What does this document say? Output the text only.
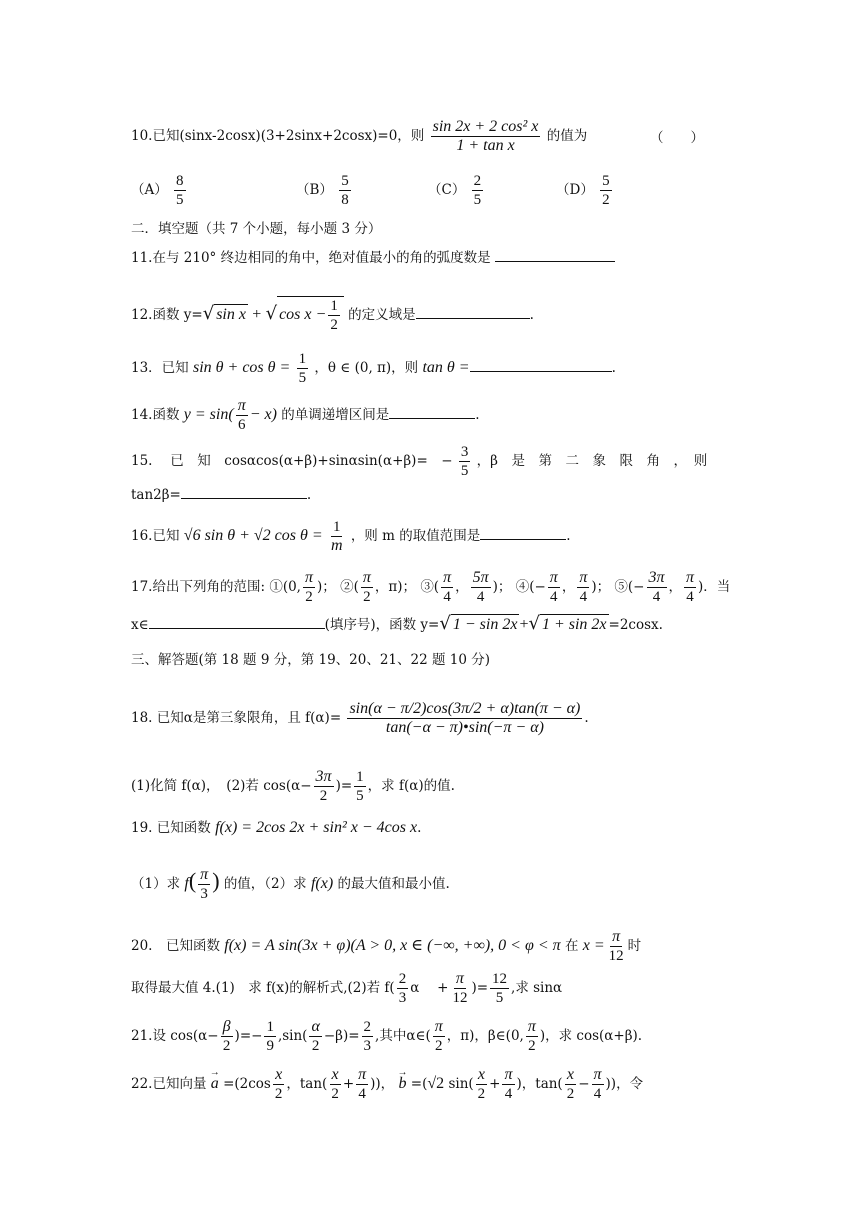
10.已知(sinx-2cosx)(3+2sinx+2cosx)=0，则 $\frac{\text{sin 2x + 2 cos² x}}{\text{1 + tan x}}$ 的值为	（　　）
$(A) \frac{8}{5}$	$(B) \frac{5}{8}$	$(C) \frac{2}{5}$	$(D) \frac{5}{2}$
二．填空题（共 7 个小题，每小题 3 分）
11.在与 210° 终边相同的角中，绝对值最小的角的弧度数是
12.函数 y=√ sin x + √ $\cos x - \frac{1}{2}$ 的定义域是	.
13．已知 $\sin \theta + \cos \theta = \frac{1}{5}$ ，θ ∈ (0, π)，则 tan θ =	.
14.函数 $y = \sin( \frac{\pi}{6} - x)$ 的单调递增区间是	.
15.　 已　知　cosαcos(α+β)+sinαsin(α+β)=　− $\frac{3}{5}$ ，β　是　第　二　象　限　角　，　则
tan2β=	.
16.已知 √6 sin θ + √2 $\cos \theta = \frac{1}{m}$ ，则 m 的取值范围是	.
17.给出下列角的范围: ①(0, $\frac{\pi}{2}$ )； ②( $\frac{\pi}{2}$ ，π)； ③( $\frac{\pi}{4}$ ， $\frac{5\pi}{4}$ )； ④(− $\frac{\pi}{4}$ ， $\frac{\pi}{4}$ )； ⑤(− $\frac{3\pi}{4}$ ， $\frac{\pi}{4}$ )．当
x∈	(填序号)，函数 y=√ 1 − sin 2x +√ 1 + sin 2x =2cosx.
三、解答题(第 18 题 9 分，第 19、20、21、22 题 10 分)
18. 已知α是第三象限角，且 $f(\alpha)= \frac{\sin(\alpha - \pi/2)\cos(3\pi/2 + \alpha)\tan(\pi - \alpha)}{\tan(-\alpha - \pi)•\sin(-\pi - \alpha)}$ .
(1)化简 f(α)，　(2)若 $\cos(\alpha- \frac{3\pi}{2}$ )= $\frac{1}{5}$ ，求 f(α)的值.
19. 已知函数 f(x) = 2cos 2x + sin² x − 4cos x.
（1）求 $f( \frac{\pi}{3}$ ) 的值，（2）求 f(x) 的最大值和最小值.
20.　已知函数 f(x) = A sin(3x + φ)(A > 0, x ∈ (−∞, +∞), 0 < φ < π 在 $x = \frac{\pi}{12}$ 时
取得最大值 4.(1)　求 f(x)的解析式,(2)若 $f( \frac{2}{3}$ α　 + $\frac{\pi}{12}$ )= $\frac{12}{5}$ ,求 sinα
21.设 $\cos(\alpha- \frac{\beta}{2}$ )=− $\frac{1}{9} ,\sin( \frac{\alpha}{2} -\beta)= \frac{2}{3}$ ,其中α∈( $\frac{\pi}{2}$ ，π)，β∈(0, $\frac{\pi}{2}$ )，求 cos(α+β).
22.已知向量 → $a =(2\cos \frac{x}{2}$ ，$\tan( \frac{x}{2} + \frac{\pi}{4}$ ))， → b =(√2 $\sin( \frac{x}{2} + \frac{\pi}{4}$ )，$\tan( \frac{x}{2} - \frac{\pi}{4}$ ))，令
